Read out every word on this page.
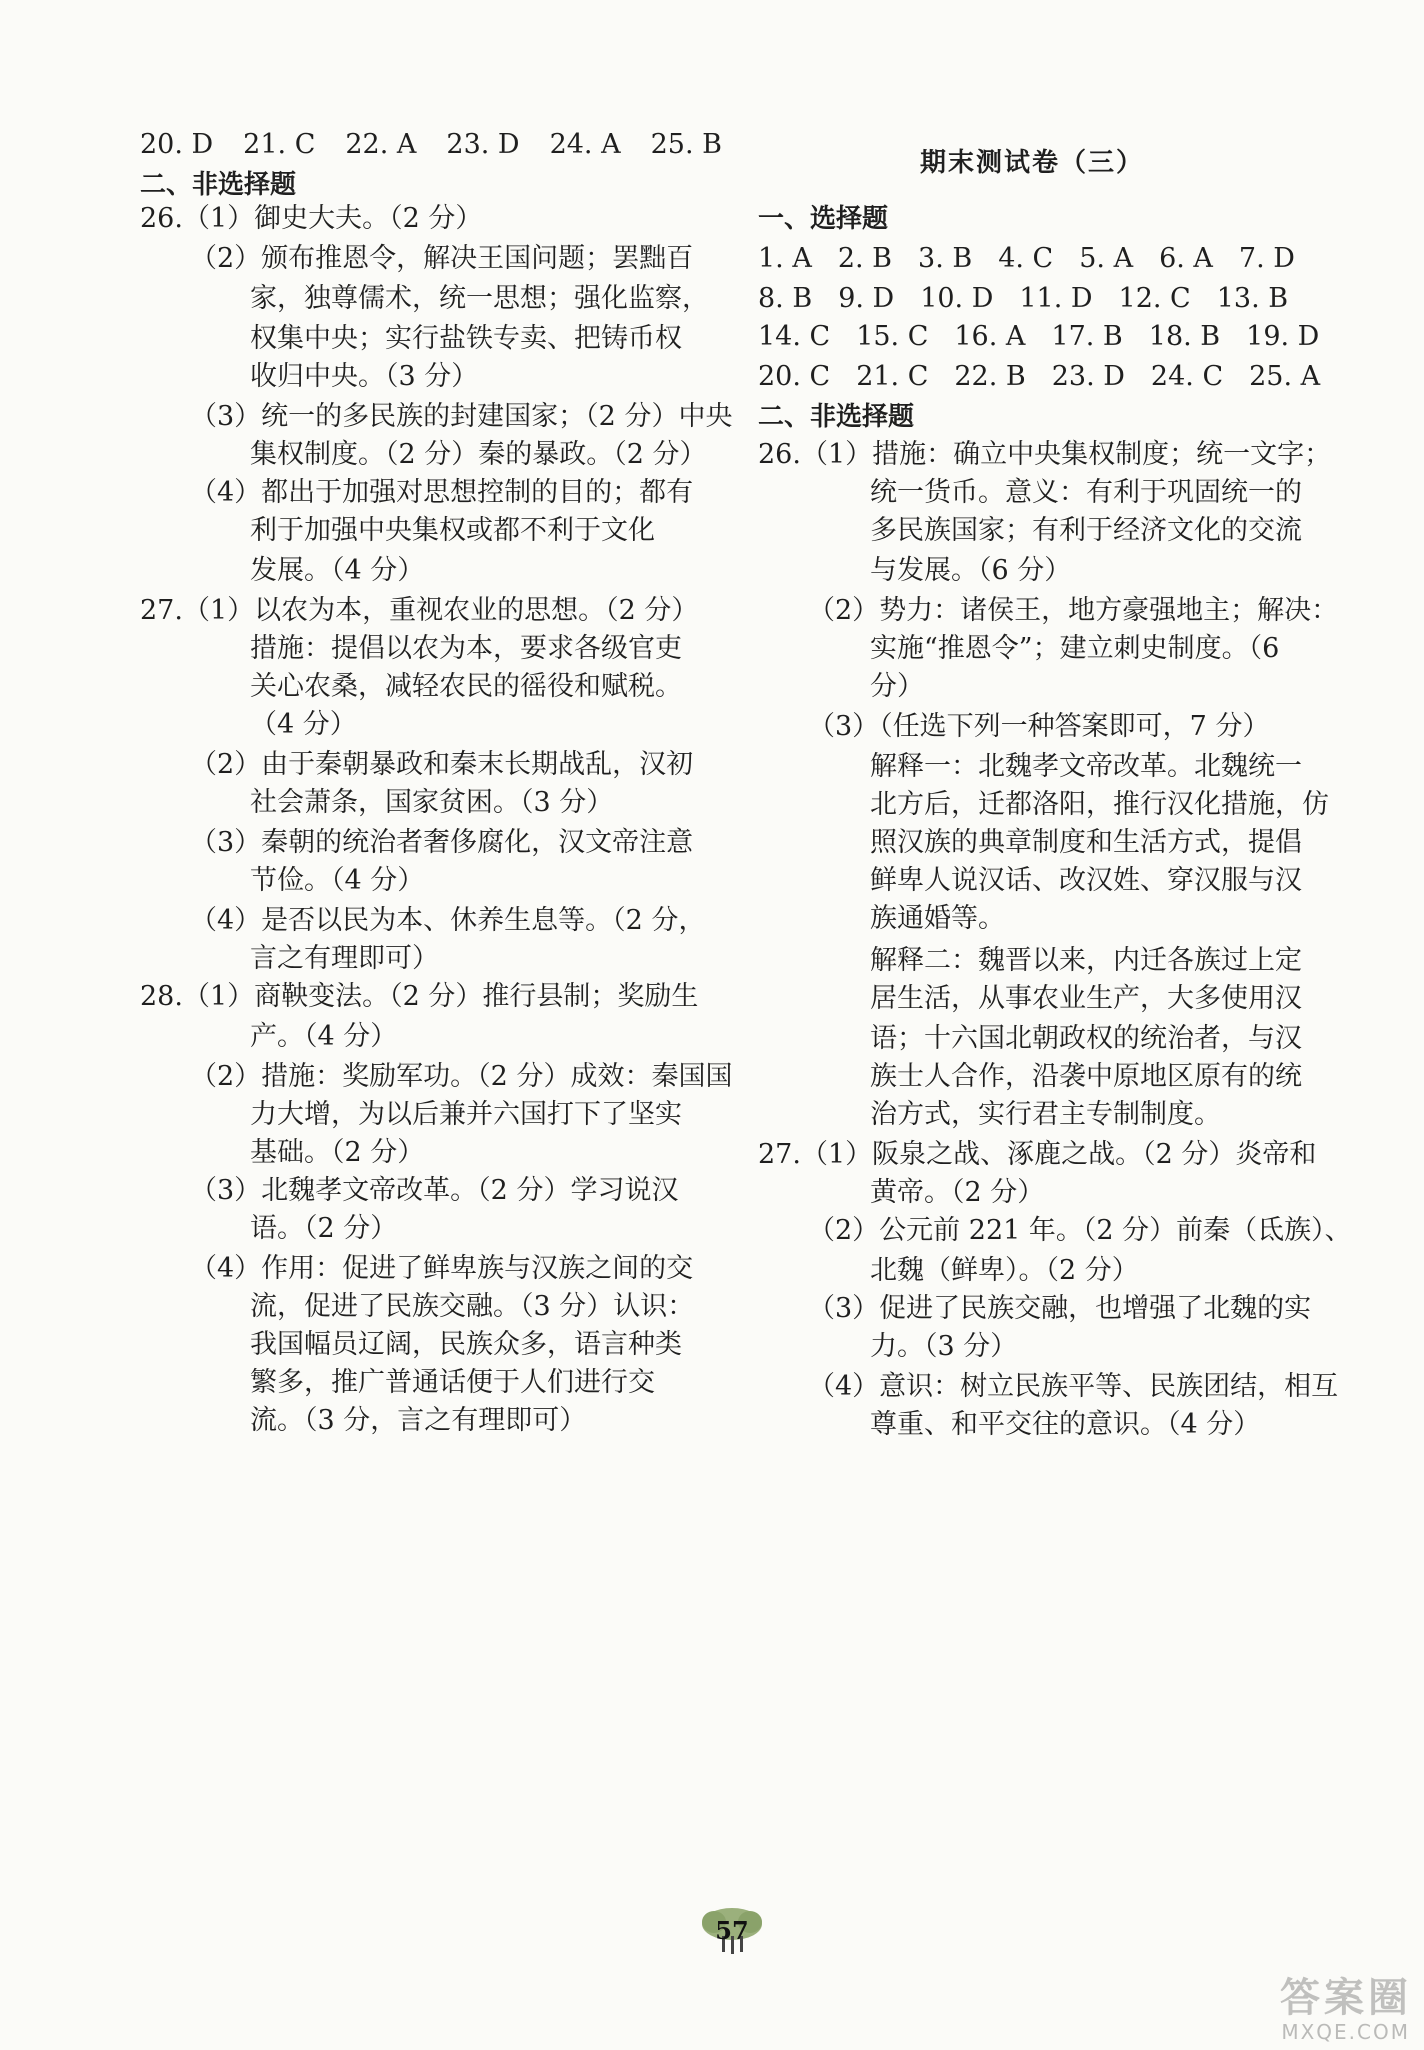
20. D 21. C 22. A 23. D 24. A 25. B
二、非选择题
26.（1）御史大夫。（2 分）
（2）颁布推恩令，解决王国问题；罢黜百
家，独尊儒术，统一思想；强化监察，
权集中央；实行盐铁专卖、把铸币权
收归中央。（3 分）
（3）统一的多民族的封建国家；（2 分）中央
集权制度。（2 分）秦的暴政。（2 分）
（4）都出于加强对思想控制的目的；都有
利于加强中央集权或都不利于文化
发展。（4 分）
27.（1）以农为本，重视农业的思想。（2 分）
措施：提倡以农为本，要求各级官吏
关心农桑，减轻农民的徭役和赋税。
（4 分）
（2）由于秦朝暴政和秦末长期战乱，汉初
社会萧条，国家贫困。（3 分）
（3）秦朝的统治者奢侈腐化，汉文帝注意
节俭。（4 分）
（4）是否以民为本、休养生息等。（2 分，
言之有理即可）
28.（1）商鞅变法。（2 分）推行县制；奖励生
产。（4 分）
（2）措施：奖励军功。（2 分）成效：秦国国
力大增，为以后兼并六国打下了坚实
基础。（2 分）
（3）北魏孝文帝改革。（2 分）学习说汉
语。（2 分）
（4）作用：促进了鲜卑族与汉族之间的交
流，促进了民族交融。（3 分）认识：
我国幅员辽阔，民族众多，语言种类
繁多，推广普通话便于人们进行交
流。（3 分，言之有理即可）
期末测试卷（三）
一、选择题
1. A 2. B 3. B 4. C 5. A 6. A 7. D
8. B 9. D 10. D 11. D 12. C 13. B
14. C 15. C 16. A 17. B 18. B 19. D
20. C 21. C 22. B 23. D 24. C 25. A
二、非选择题
26.（1）措施：确立中央集权制度；统一文字；
统一货币。意义：有利于巩固统一的
多民族国家；有利于经济文化的交流
与发展。（6 分）
（2）势力：诸侯王，地方豪强地主；解决：
实施“推恩令”；建立刺史制度。（6
分）
（3）（任选下列一种答案即可，7 分）
解释一：北魏孝文帝改革。北魏统一
北方后，迁都洛阳，推行汉化措施，仿
照汉族的典章制度和生活方式，提倡
鲜卑人说汉话、改汉姓、穿汉服与汉
族通婚等。
解释二：魏晋以来，内迁各族过上定
居生活，从事农业生产，大多使用汉
语；十六国北朝政权的统治者，与汉
族士人合作，沿袭中原地区原有的统
治方式，实行君主专制制度。
27.（1）阪泉之战、涿鹿之战。（2 分）炎帝和
黄帝。（2 分）
（2）公元前 221 年。（2 分）前秦（氐族）、
北魏（鲜卑）。（2 分）
（3）促进了民族交融，也增强了北魏的实
力。（3 分）
（4）意识：树立民族平等、民族团结，相互
尊重、和平交往的意识。（4 分）
57
答案圈
MXQE.COM
